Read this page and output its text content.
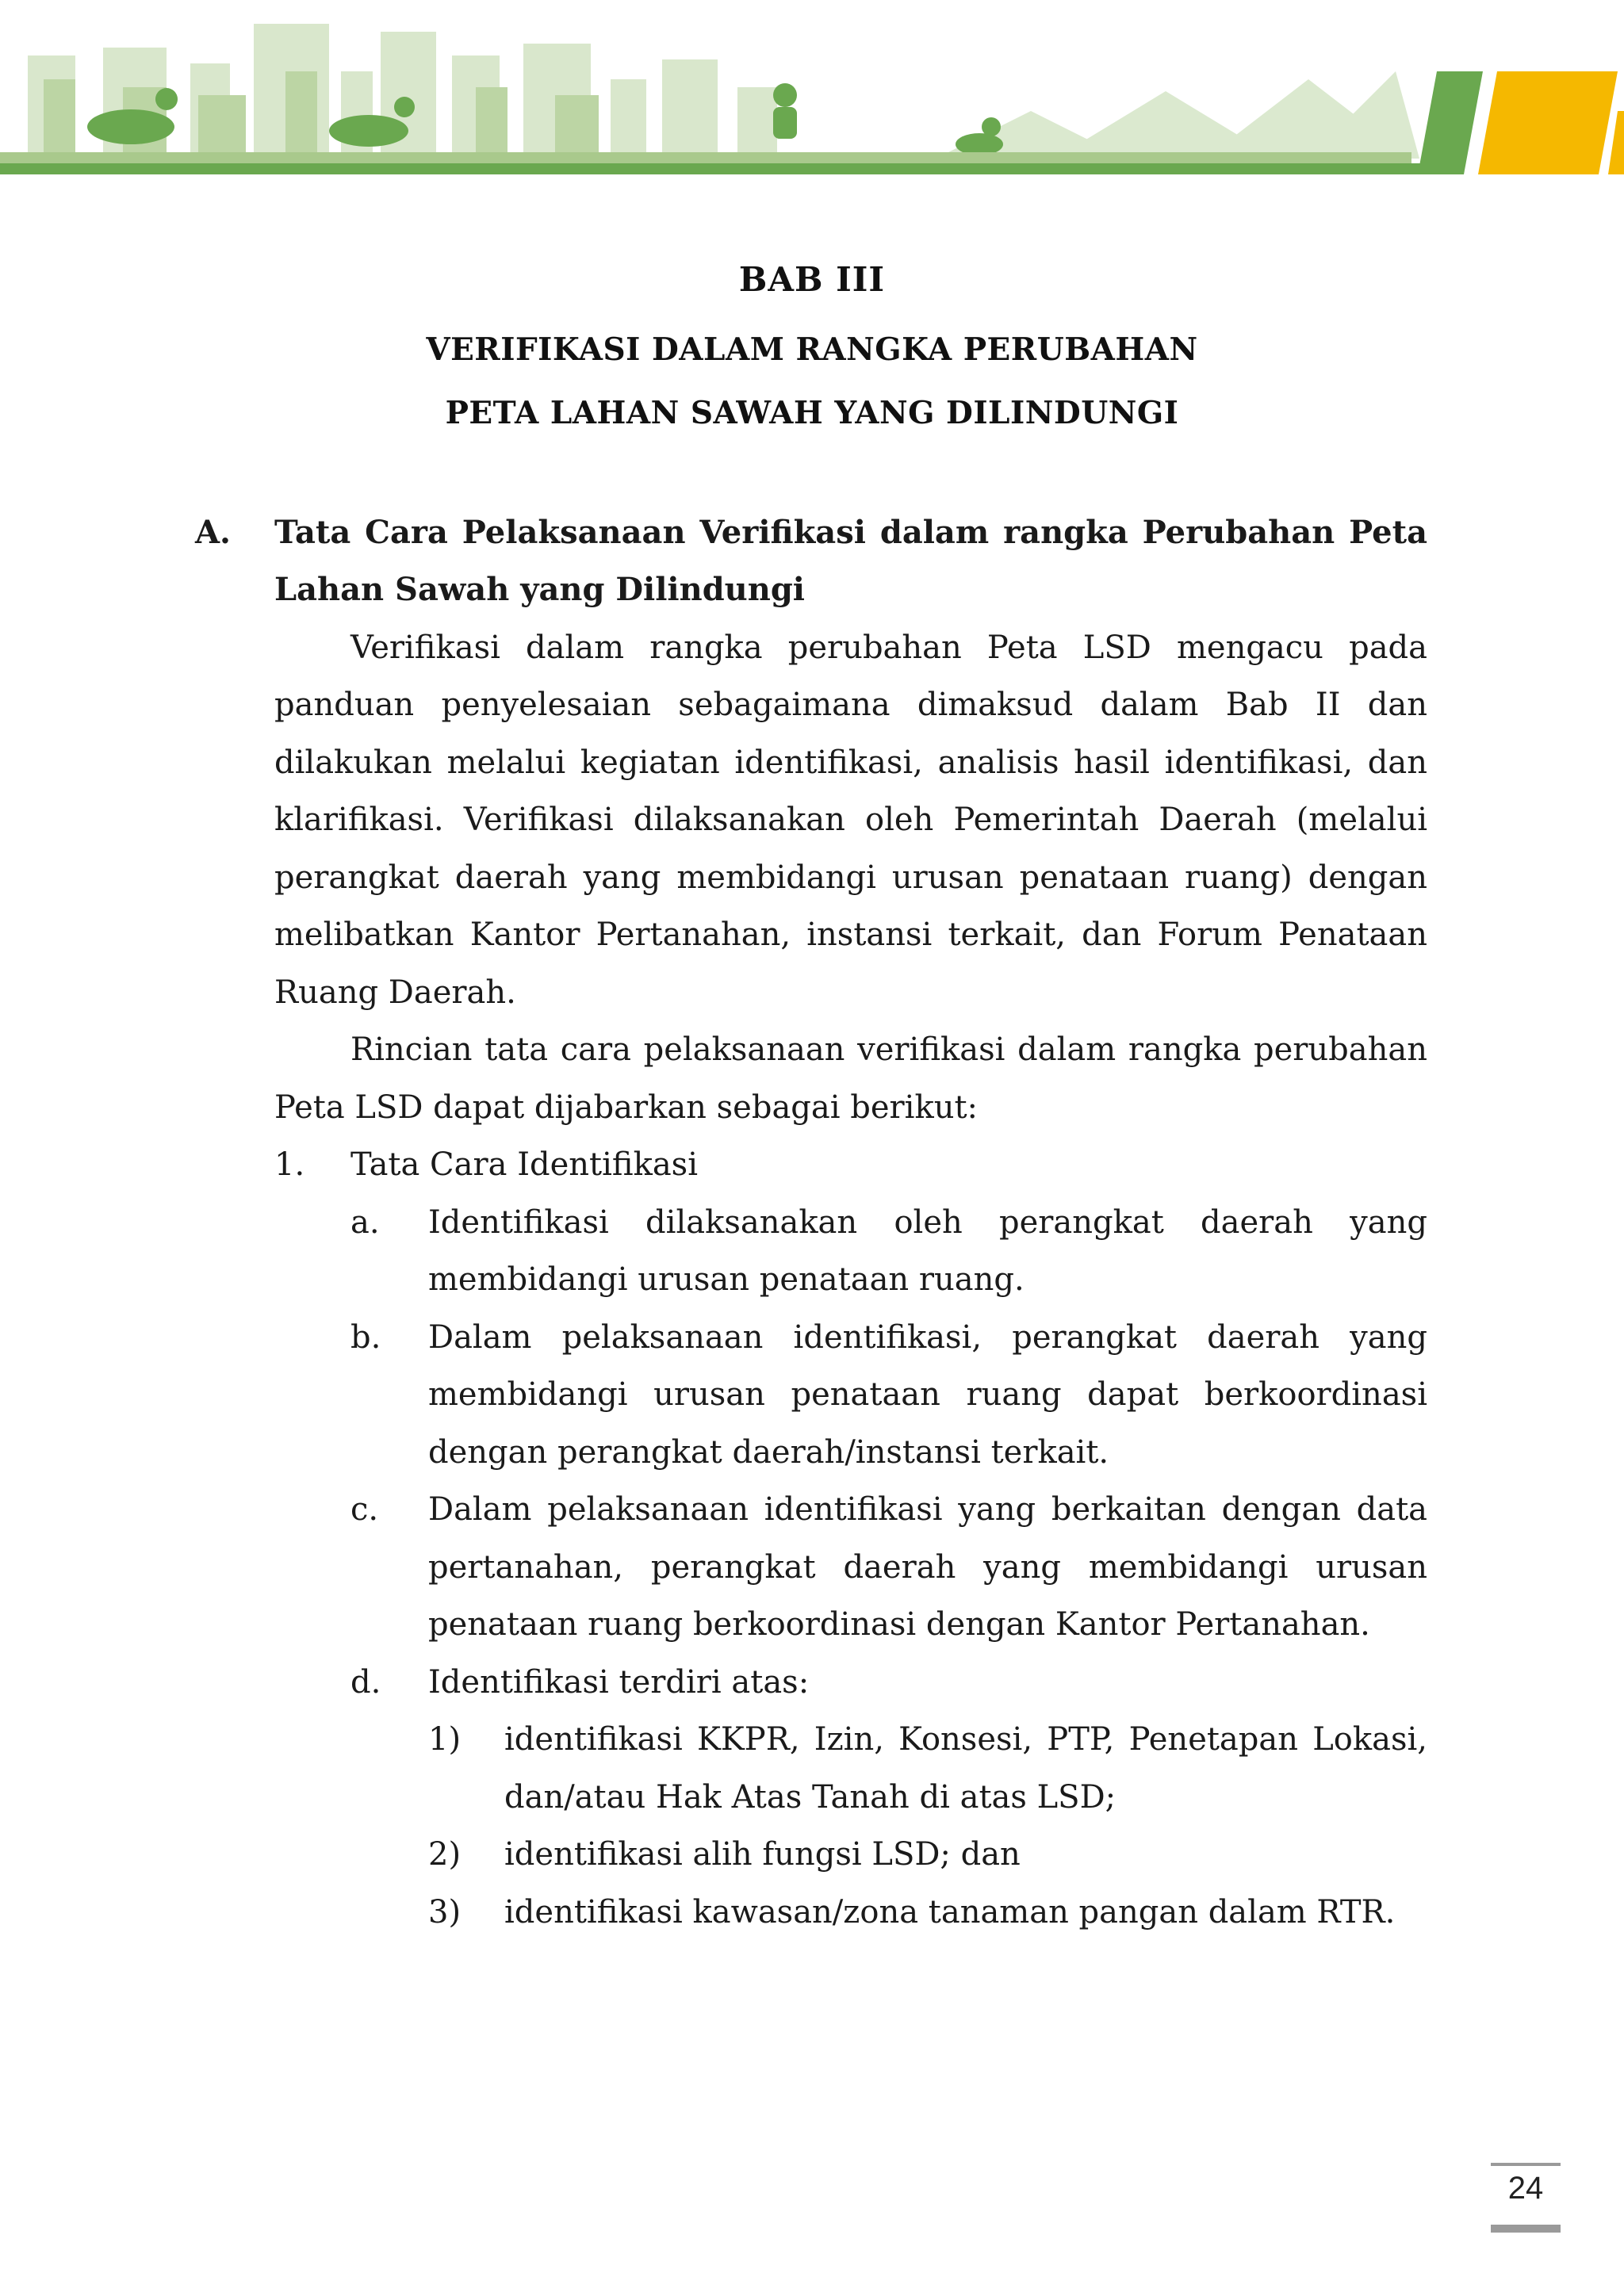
BAB III
VERIFIKASI DALAM RANGKA PERUBAHAN
PETA LAHAN SAWAH YANG DILINDUNGI
A. Tata Cara Pelaksanaan Verifikasi dalam rangka Perubahan Peta
Lahan Sawah yang Dilindungi
Verifikasi dalam rangka perubahan Peta LSD mengacu pada
panduan penyelesaian sebagaimana dimaksud dalam Bab II dan
dilakukan melalui kegiatan identifikasi, analisis hasil identifikasi, dan
klarifikasi. Verifikasi dilaksanakan oleh Pemerintah Daerah (melalui
perangkat daerah yang membidangi urusan penataan ruang) dengan
melibatkan Kantor Pertanahan, instansi terkait, dan Forum Penataan
Ruang Daerah.
Rincian tata cara pelaksanaan verifikasi dalam rangka perubahan
Peta LSD dapat dijabarkan sebagai berikut:
1. Tata Cara Identifikasi
a. Identifikasi dilaksanakan oleh perangkat daerah yang
membidangi urusan penataan ruang.
b. Dalam pelaksanaan identifikasi, perangkat daerah yang
membidangi urusan penataan ruang dapat berkoordinasi
dengan perangkat daerah/instansi terkait.
c. Dalam pelaksanaan identifikasi yang berkaitan dengan data
pertanahan, perangkat daerah yang membidangi urusan
penataan ruang berkoordinasi dengan Kantor Pertanahan.
d. Identifikasi terdiri atas:
1) identifikasi KKPR, Izin, Konsesi, PTP, Penetapan Lokasi,
dan/atau Hak Atas Tanah di atas LSD;
2) identifikasi alih fungsi LSD; dan
3) identifikasi kawasan/zona tanaman pangan dalam RTR.
24
